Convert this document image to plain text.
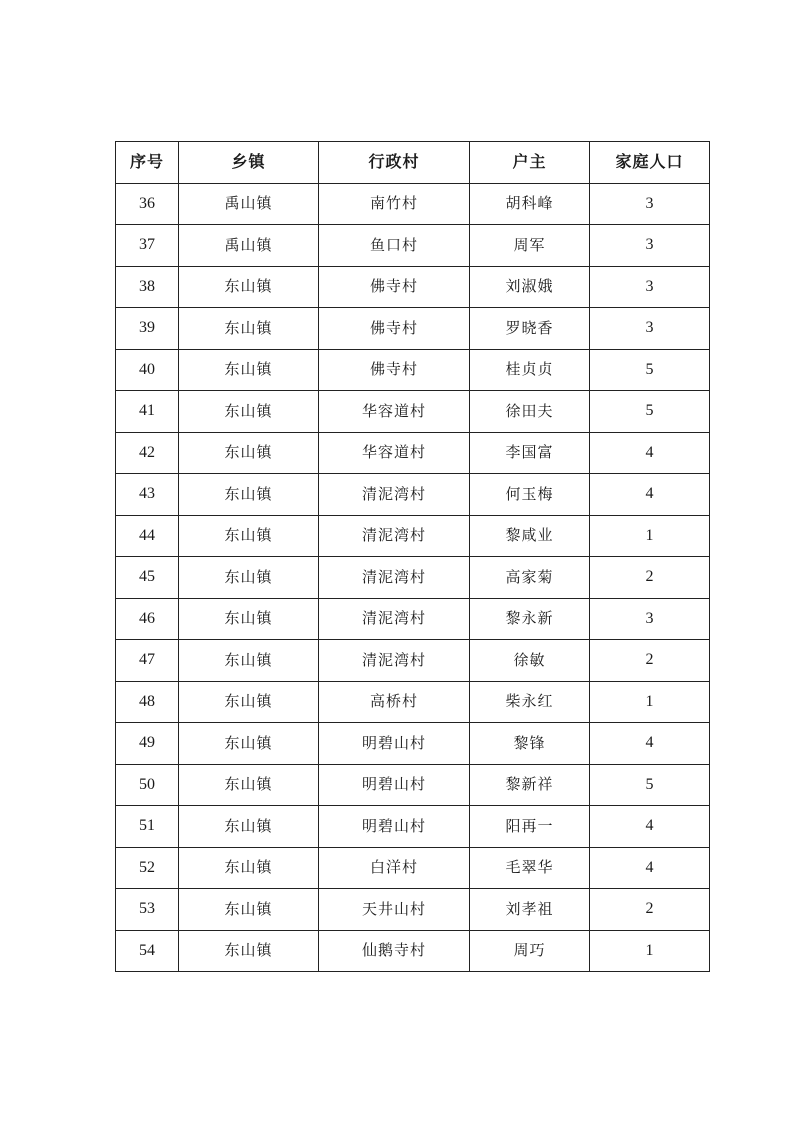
序号	乡镇	行政村	户主	家庭人口
36	禹山镇	南竹村	胡科峰	3
37	禹山镇	鱼口村	周军	3
38	东山镇	佛寺村	刘淑娥	3
39	东山镇	佛寺村	罗晓香	3
40	东山镇	佛寺村	桂贞贞	5
41	东山镇	华容道村	徐田夫	5
42	东山镇	华容道村	李国富	4
43	东山镇	清泥湾村	何玉梅	4
44	东山镇	清泥湾村	黎咸业	1
45	东山镇	清泥湾村	高家菊	2
46	东山镇	清泥湾村	黎永新	3
47	东山镇	清泥湾村	徐敏	2
48	东山镇	高桥村	柴永红	1
49	东山镇	明碧山村	黎锋	4
50	东山镇	明碧山村	黎新祥	5
51	东山镇	明碧山村	阳再一	4
52	东山镇	白洋村	毛翠华	4
53	东山镇	天井山村	刘孝祖	2
54	东山镇	仙鹅寺村	周巧	1
